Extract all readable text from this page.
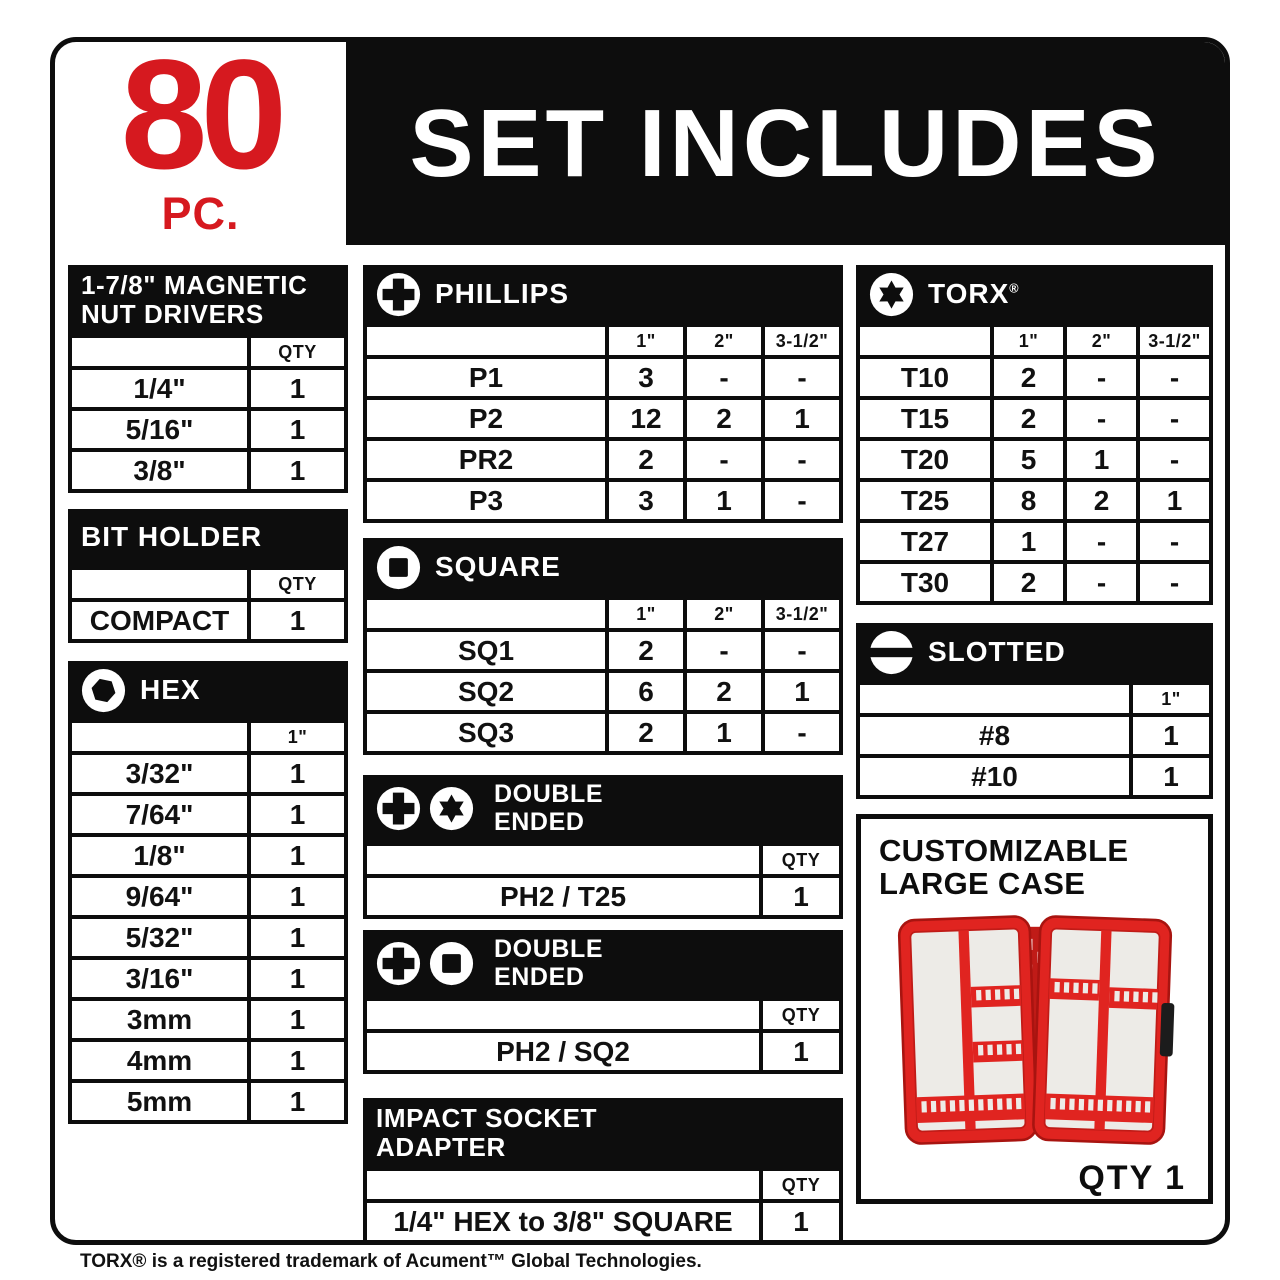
80
PC.
SET INCLUDES
1-7/8" MAGNETIC NUT DRIVERS
	QTY
1/4"	1
5/16"	1
3/8"	1
BIT HOLDER
	QTY
COMPACT	1
HEX
	1"
3/32"	1
7/64"	1
1/8"	1
9/64"	1
5/32"	1
3/16"	1
3mm	1
4mm	1
5mm	1
PHILLIPS
	1"	2"	3-1/2"
P1	3	-	-
P2	12	2	1
PR2	2	-	-
P3	3	1	-
SQUARE
	1"	2"	3-1/2"
SQ1	2	-	-
SQ2	6	2	1
SQ3	2	1	-
DOUBLE ENDED
	QTY
PH2 / T25	1
DOUBLE ENDED
	QTY
PH2 / SQ2	1
IMPACT SOCKET ADAPTER
	QTY
1/4" HEX to 3/8" SQUARE	1
TORX®
	1"	2"	3-1/2"
T10	2	-	-
T15	2	-	-
T20	5	1	-
T25	8	2	1
T27	1	-	-
T30	2	-	-
SLOTTED
	1"
#8	1
#10	1
CUSTOMIZABLE LARGE CASE
QTY 1
TORX® is a registered trademark of Acument™ Global Technologies.
